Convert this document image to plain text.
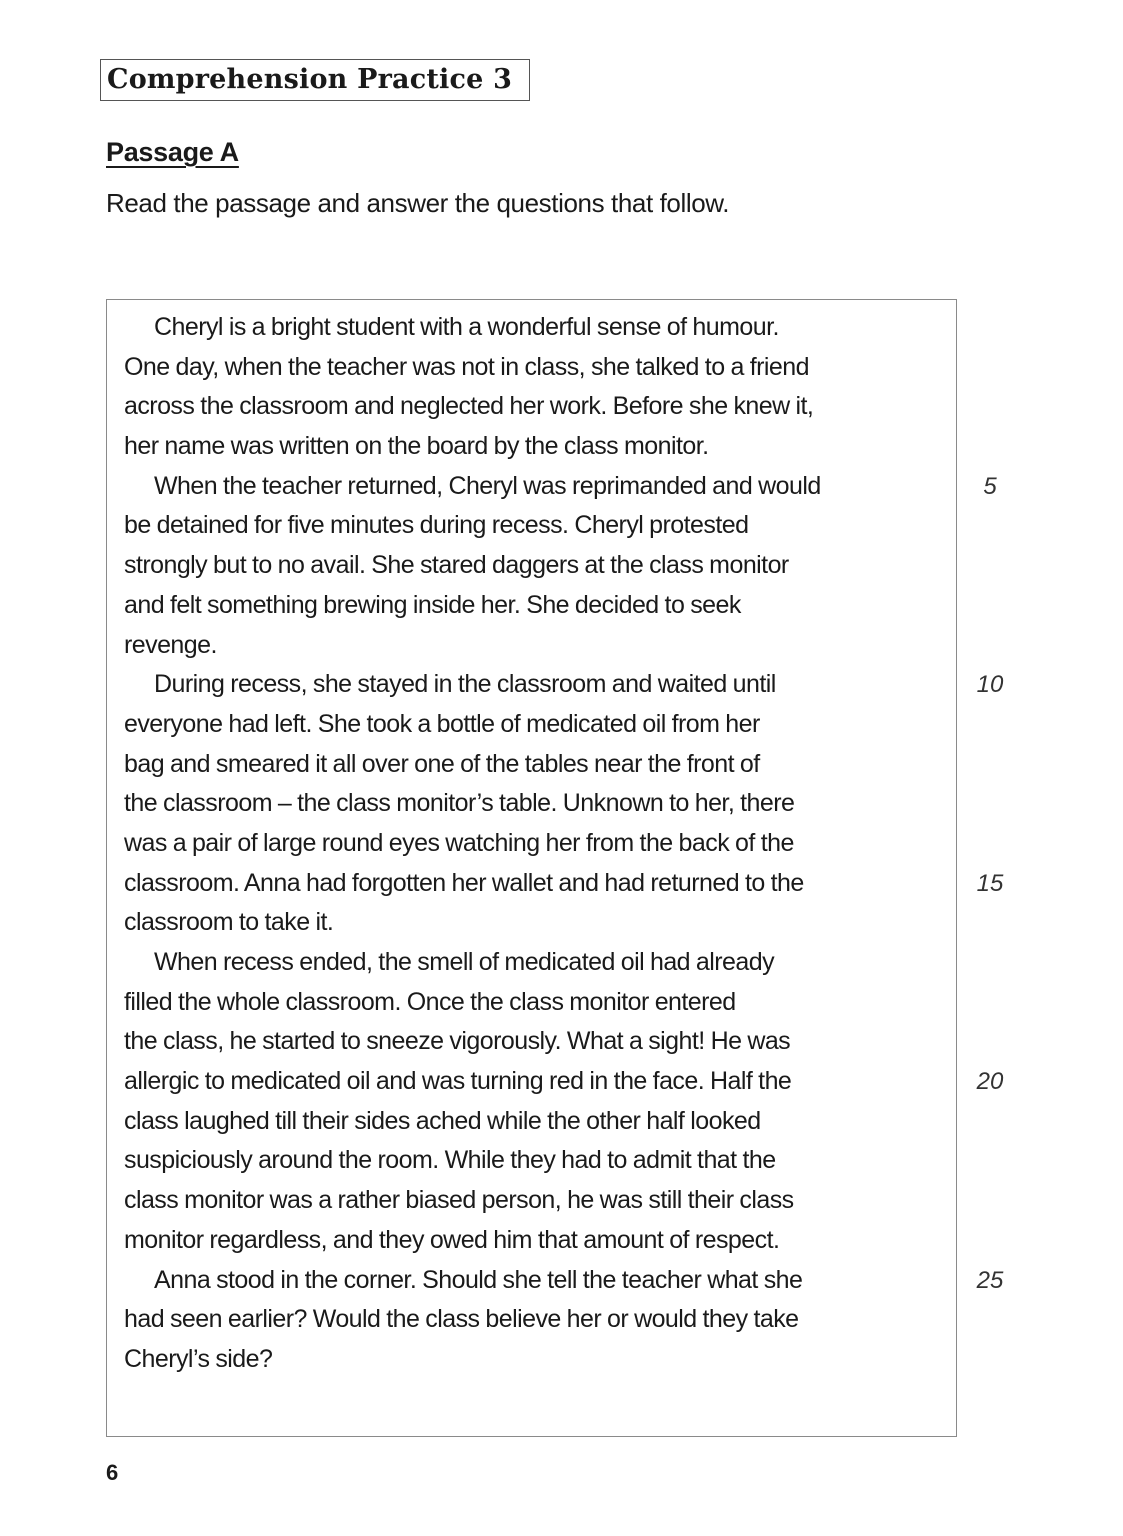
Comprehension Practice 3
Passage A
Read the passage and answer the questions that follow.
Cheryl is a bright student with a wonderful sense of humour.
One day, when the teacher was not in class, she talked to a friend
across the classroom and neglected her work. Before she knew it,
her name was written on the board by the class monitor.
When the teacher returned, Cheryl was reprimanded and would
be detained for five minutes during recess. Cheryl protested
strongly but to no avail. She stared daggers at the class monitor
and felt something brewing inside her. She decided to seek
revenge.
During recess, she stayed in the classroom and waited until
everyone had left. She took a bottle of medicated oil from her
bag and smeared it all over one of the tables near the front of
the classroom – the class monitor’s table. Unknown to her, there
was a pair of large round eyes watching her from the back of the
classroom. Anna had forgotten her wallet and had returned to the
classroom to take it.
When recess ended, the smell of medicated oil had already
filled the whole classroom. Once the class monitor entered
the class, he started to sneeze vigorously. What a sight! He was
allergic to medicated oil and was turning red in the face. Half the
class laughed till their sides ached while the other half looked
suspiciously around the room. While they had to admit that the
class monitor was a rather biased person, he was still their class
monitor regardless, and they owed him that amount of respect.
Anna stood in the corner. Should she tell the teacher what she
had seen earlier? Would the class believe her or would they take
Cheryl’s side?
5
10
15
20
25
6
